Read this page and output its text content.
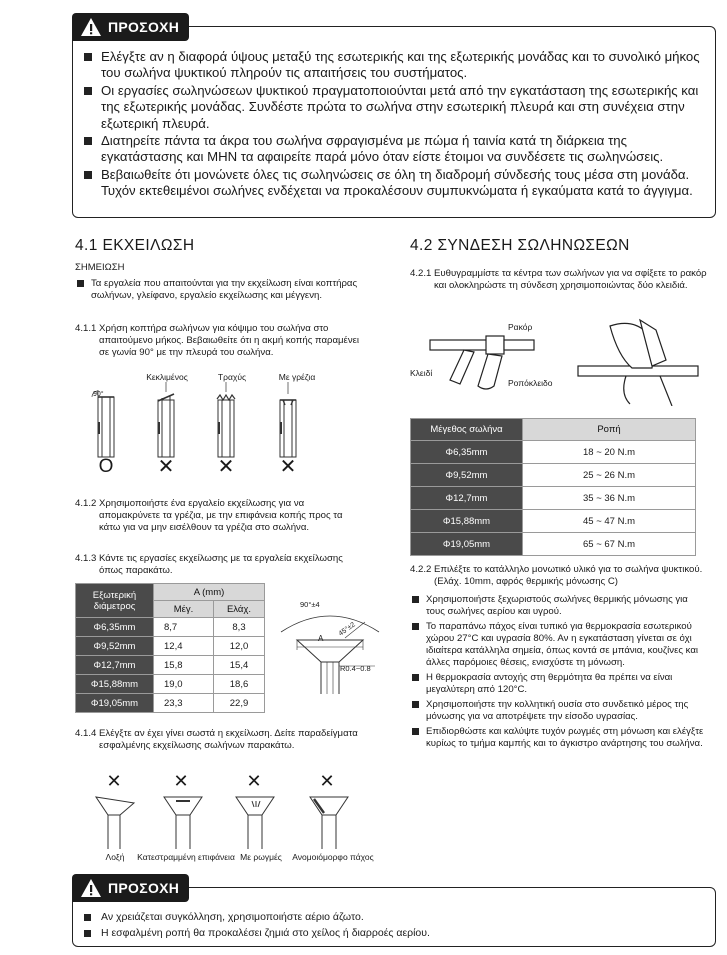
ΠΡΟΣΟΧΗ
Ελέγξτε αν η διαφορά ύψους μεταξύ της εσωτερικής και της εξωτερικής μονάδας και το συνολικό μήκος του σωλήνα ψυκτικού πληρούν τις απαιτήσεις του συστήματος.
Οι εργασίες σωληνώσεων ψυκτικού πραγματοποιούνται μετά από την εγκατάσταση της εσωτερικής και της εξωτερικής μονάδας. Συνδέστε πρώτα το σωλήνα στην εσωτερική πλευρά και στη συνέχεια στην εξωτερική πλευρά.
Διατηρείτε πάντα τα άκρα του σωλήνα σφραγισμένα με πώμα ή ταινία κατά τη διάρκεια της εγκατάστασης και ΜΗΝ τα αφαιρείτε παρά μόνο όταν είστε έτοιμοι να συνδέσετε τις σωληνώσεις.
Βεβαιωθείτε ότι μονώνετε όλες τις σωληνώσεις σε όλη τη διαδρομή σύνδεσής τους μέσα στη μονάδα. Τυχόν εκτεθειμένοι σωλήνες ενδέχεται να προκαλέσουν συμπυκνώματα ή εγκαύματα κατά το άγγιγμα.
4.1 ΕΚΧΕΙΛΩΣΗ
ΣΗΜΕΙΩΣΗ
Τα εργαλεία που απαιτούνται για την εκχείλωση είναι κοπτήρας σωλήνων, γλείφανο, εργαλείο εκχείλωσης και μέγγενη.
4.1.1 Χρήση κοπτήρα σωλήνων για κόψιμο του σωλήνα στο απαιτούμενο μήκος. Βεβαιωθείτε ότι η ακμή κοπής παραμένει σε γωνία 90° με την πλευρά του σωλήνα.
90°
Κεκλιμένος	Τραχύς	Με γρέζια
O ✕ ✕ ✕
4.1.2 Χρησιμοποιήστε ένα εργαλείο εκχείλωσης για να απομακρύνετε τα γρέζια, με την επιφάνεια κοπής προς τα κάτω για να μην εισέλθουν τα γρέζια στο σωλήνα.
4.1.3 Κάντε τις εργασίες εκχείλωσης με τα εργαλεία εκχείλωσης όπως παρακάτω.
Εξωτερική διάμετρος	A (mm)	
	Μέγ.	Ελάχ.
Φ6,35mm	8,7	8,3
Φ9,52mm	12,4	12,0
Φ12,7mm	15,8	15,4
Φ15,88mm	19,0	18,6
Φ19,05mm	23,3	22,9
90°±4
45°±2
A
R0.4~0.8
4.1.4 Ελέγξτε αν έχει γίνει σωστά η εκχείλωση. Δείτε παραδείγματα εσφαλμένης εκχείλωσης σωλήνων παρακάτω.
✕	✕	✕	✕
Λοξή	Κατεστραμμένη επιφάνεια Με ρωγμές	Ανομοιόμορφο πάχος
4.2 ΣΥΝΔΕΣΗ ΣΩΛΗΝΩΣΕΩΝ
4.2.1 Ευθυγραμμίστε τα κέντρα των σωλήνων για να σφίξετε το ρακόρ και ολοκληρώστε τη σύνδεση χρησιμοποιώντας δύο κλειδιά.
Ρακόρ
Κλειδί
Ροπόκλειδο
Μέγεθος σωλήνα	Ροπή
Φ6,35mm	18 ~ 20 N.m
Φ9,52mm	25 ~ 26 N.m
Φ12,7mm	35 ~ 36 N.m
Φ15,88mm	45 ~ 47 N.m
Φ19,05mm	65 ~ 67 N.m
4.2.2 Επιλέξτε το κατάλληλο μονωτικό υλικό για το σωλήνα ψυκτικού. (Ελάχ. 10mm, αφρός θερμικής μόνωσης C)
Χρησιμοποιήστε ξεχωριστούς σωλήνες θερμικής μόνωσης για τους σωλήνες αερίου και υγρού.
Το παραπάνω πάχος είναι τυπικό για θερμοκρασία εσωτερικού χώρου 27°C και υγρασία 80%. Αν η εγκατάσταση γίνεται σε όχι ιδιαίτερα κατάλληλα σημεία, όπως κοντά σε μπάνια, κουζίνες και άλλες παρόμοιες θέσεις, ενισχύστε τη μόνωση.
Η θερμοκρασία αντοχής στη θερμότητα θα πρέπει να είναι μεγαλύτερη από 120°C.
Χρησιμοποιήστε την κολλητική ουσία στο συνδετικό μέρος της μόνωσης για να αποτρέψετε την είσοδο υγρασίας.
Επιδιορθώστε και καλύψτε τυχόν ρωγμές στη μόνωση και ελέγξτε κυρίως το τμήμα καμπής και το άγκιστρο ανάρτησης του σωλήνα.
ΠΡΟΣΟΧΗ
Αν χρειάζεται συγκόλληση, χρησιμοποιήστε αέριο άζωτο.
Η εσφαλμένη ροπή θα προκαλέσει ζημιά στο χείλος ή διαρροές αερίου.
